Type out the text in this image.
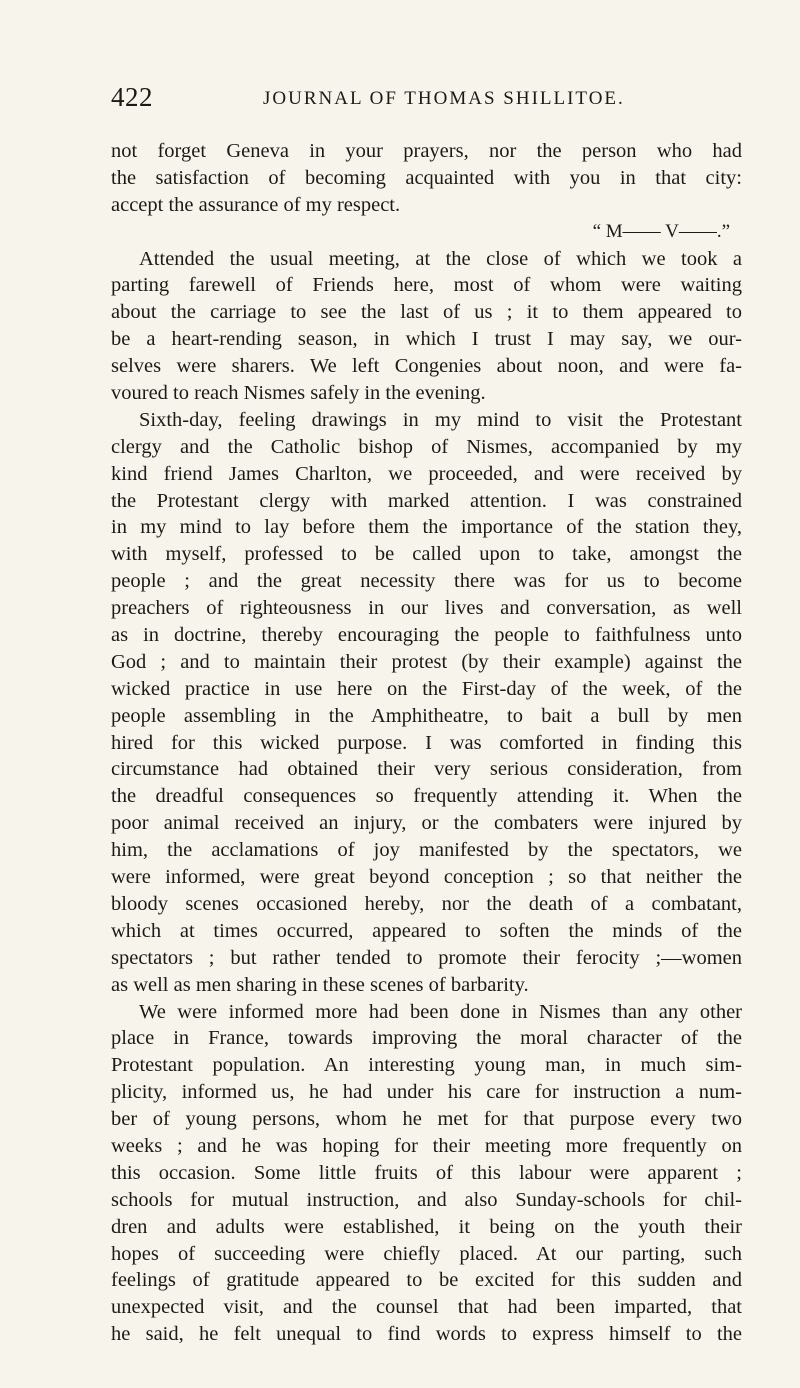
422	JOURNAL OF THOMAS SHILLITOE.
not forget Geneva in your prayers, nor the person who had
the satisfaction of becoming acquainted with you in that city:
accept the assurance of my respect.
“ M—— V——.”
Attended the usual meeting, at the close of which we took a
parting farewell of Friends here, most of whom were waiting
about the carriage to see the last of us ; it to them appeared to
be a heart-rending season, in which I trust I may say, we our-
selves were sharers. We left Congenies about noon, and were fa-
voured to reach Nismes safely in the evening.
Sixth-day, feeling drawings in my mind to visit the Protestant
clergy and the Catholic bishop of Nismes, accompanied by my
kind friend James Charlton, we proceeded, and were received by
the Protestant clergy with marked attention. I was constrained
in my mind to lay before them the importance of the station they,
with myself, professed to be called upon to take, amongst the
people ; and the great necessity there was for us to become
preachers of righteousness in our lives and conversation, as well
as in doctrine, thereby encouraging the people to faithfulness unto
God ; and to maintain their protest (by their example) against the
wicked practice in use here on the First-day of the week, of the
people assembling in the Amphitheatre, to bait a bull by men
hired for this wicked purpose. I was comforted in finding this
circumstance had obtained their very serious consideration, from
the dreadful consequences so frequently attending it. When the
poor animal received an injury, or the combaters were injured by
him, the acclamations of joy manifested by the spectators, we
were informed, were great beyond conception ; so that neither the
bloody scenes occasioned hereby, nor the death of a combatant,
which at times occurred, appeared to soften the minds of the
spectators ; but rather tended to promote their ferocity ;—women
as well as men sharing in these scenes of barbarity.
We were informed more had been done in Nismes than any other
place in France, towards improving the moral character of the
Protestant population. An interesting young man, in much sim-
plicity, informed us, he had under his care for instruction a num-
ber of young persons, whom he met for that purpose every two
weeks ; and he was hoping for their meeting more frequently on
this occasion. Some little fruits of this labour were apparent ;
schools for mutual instruction, and also Sunday-schools for chil-
dren and adults were established, it being on the youth their
hopes of succeeding were chiefly placed. At our parting, such
feelings of gratitude appeared to be excited for this sudden and
unexpected visit, and the counsel that had been imparted, that
he said, he felt unequal to find words to express himself to the
